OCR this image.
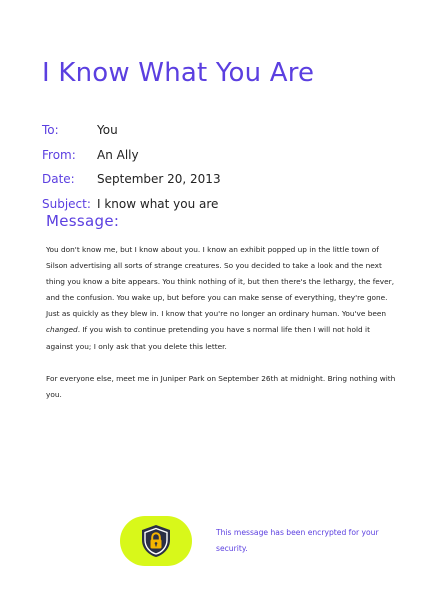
I Know What You Are
To:	You
From:	An Ally
Date:	September 20, 2013
Subject: I know what you are
Message:

You don't know me, but I know about you. I know an exhibit popped up in the little town of Silson advertising all sorts of strange creatures. So you decided to take a look and the next thing you know a bite appears. You think nothing of it, but then there's the lethargy, the fever, and the confusion. You wake up, but before you can make sense of everything, they're gone. Just as quickly as they blew in. I know that you're no longer an ordinary human. You've been changed. If you wish to continue pretending you have s normal life then I will not hold it against you; I only ask that you delete this letter.

For everyone else, meet me in Juniper Park on September 26th at midnight. Bring nothing with you.

This message has been encrypted for your security.
